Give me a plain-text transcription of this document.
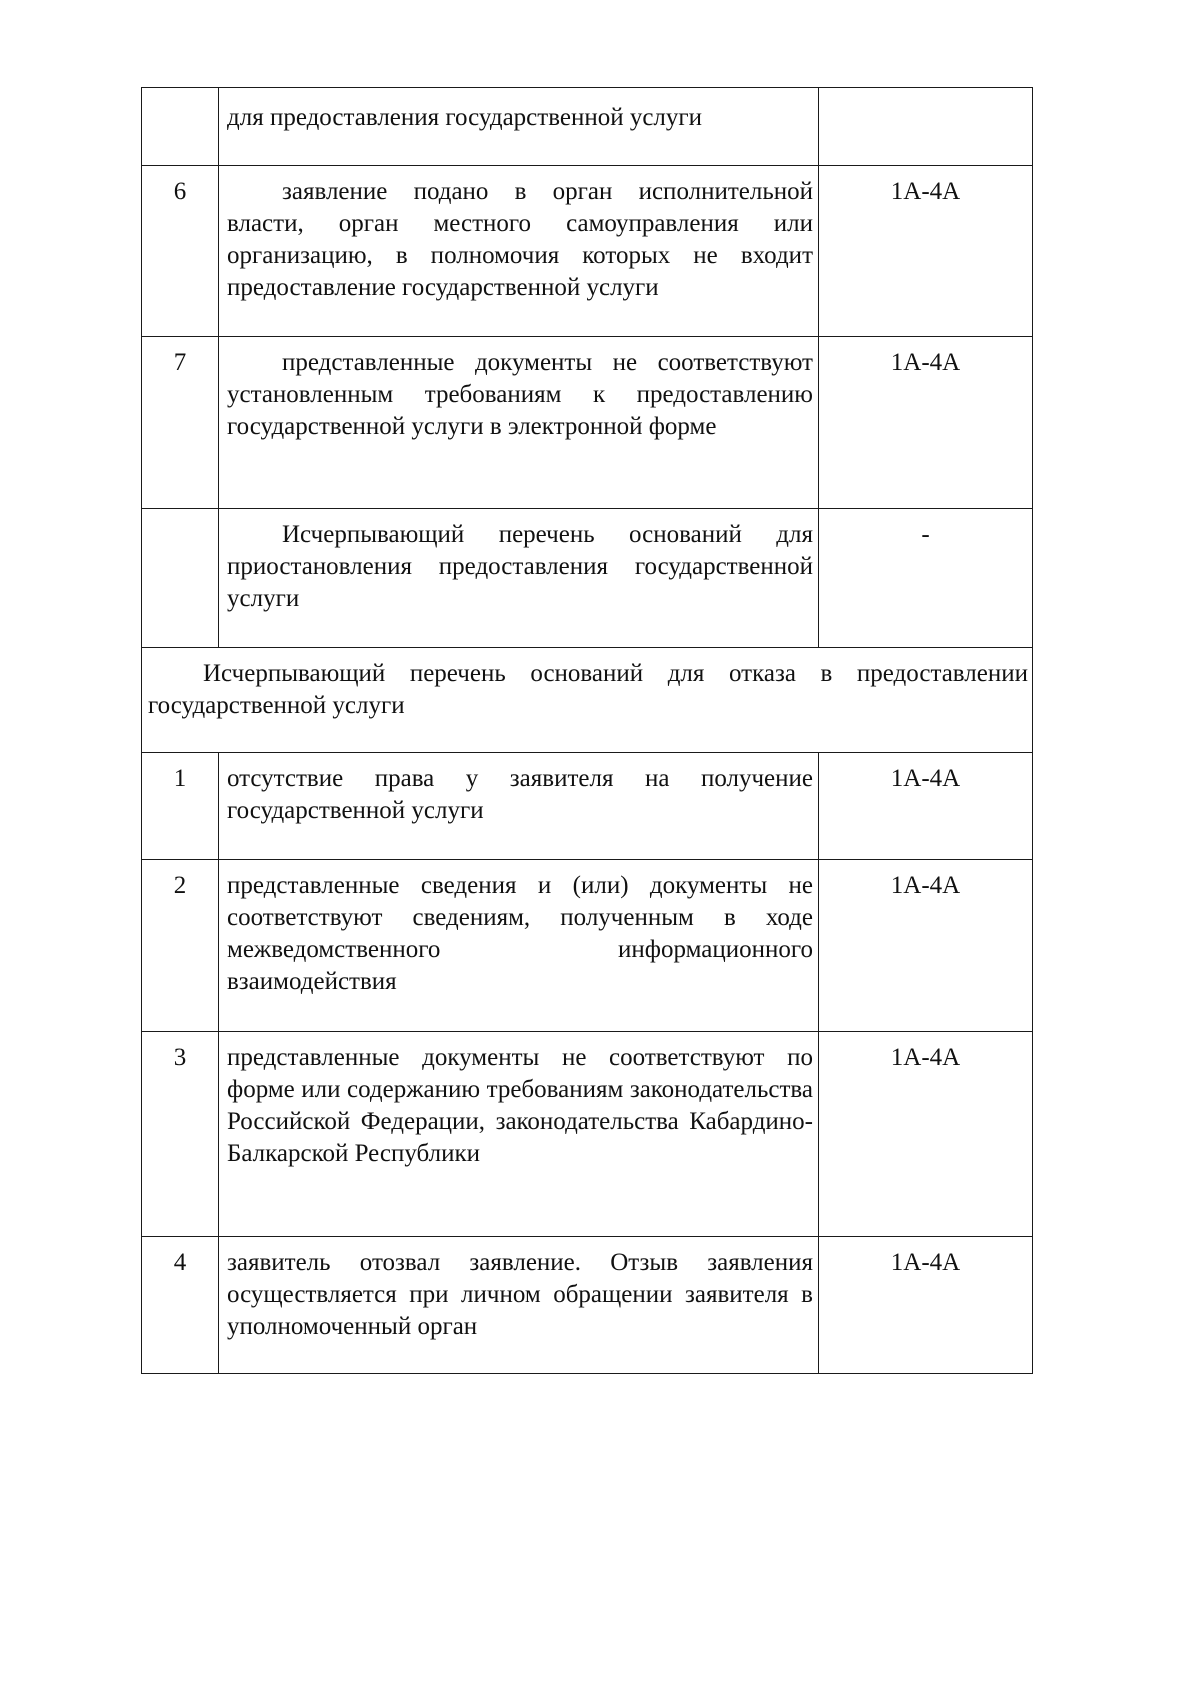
	для предоставления государственной услуги	
6	заявление подано в орган исполнительной власти, орган местного самоуправления или организацию, в полномочия которых не входит предоставление государственной услуги	1А-4А
7	представленные документы не соответствуют установленным требованиям к предоставлению государственной услуги в электронной форме	1А-4А
	Исчерпывающий перечень оснований для приостановления предоставления государственной услуги	-
Исчерпывающий перечень оснований для отказа в предоставлении государственной услуги		
1	отсутствие права у заявителя на получение государственной услуги	1А-4А
2	представленные сведения и (или) документы не соответствуют сведениям, полученным в ходе межведомственного информационного взаимодействия	1А-4А
3	представленные документы не соответствуют по форме или содержанию требованиям законодательства Российской Федерации, законодательства Кабардино-Балкарской Республики	1А-4А
4	заявитель отозвал заявление. Отзыв заявления осуществляется при личном обращении заявителя в уполномоченный орган	1А-4А
